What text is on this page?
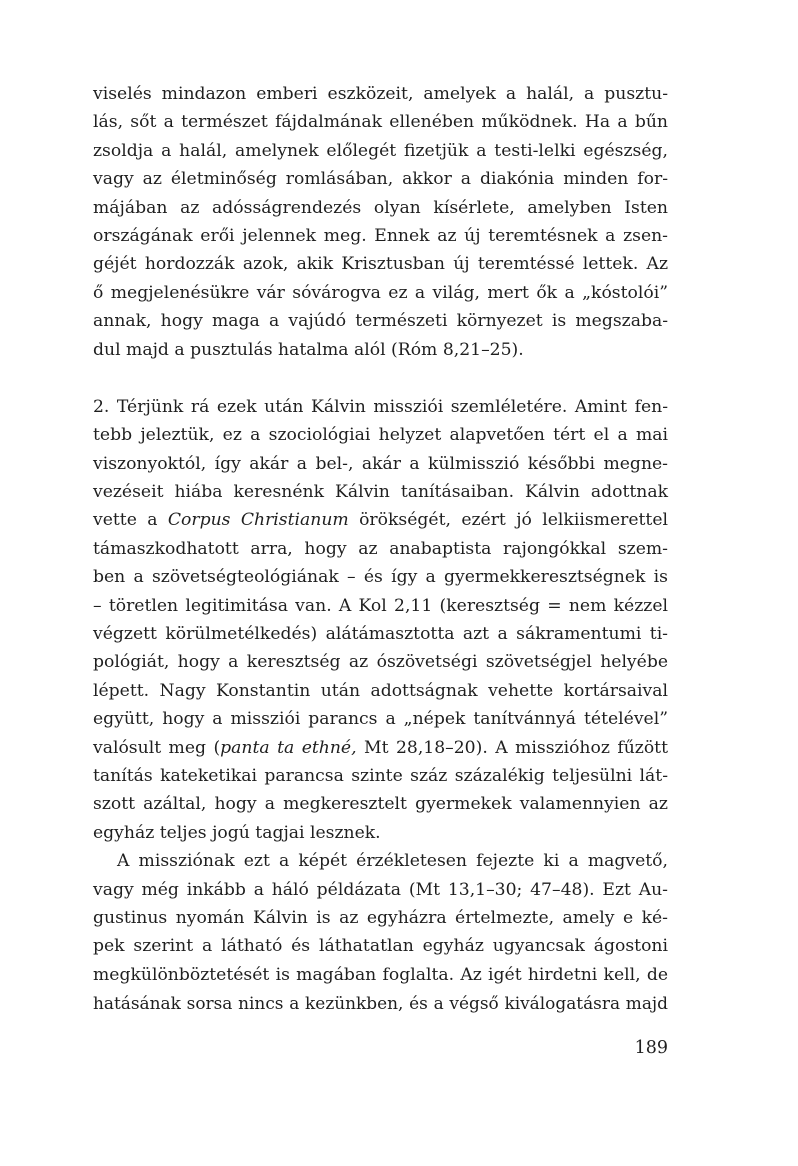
viselés mindazon emberi eszközeit, amelyek a halál, a pusztu-
lás, sőt a természet fájdalmának ellenében működnek. Ha a bűn
zsoldja a halál, amelynek előlegét fizetjük a testi-lelki egészség,
vagy az életminőség romlásában, akkor a diakónia minden for-
májában az adósságrendezés olyan kísérlete, amelyben Isten
országának erői jelennek meg. Ennek az új teremtésnek a zsen-
géjét hordozzák azok, akik Krisztusban új teremtéssé lettek. Az
ő megjelenésükre vár sóvárogva ez a világ, mert ők a „kóstolói”
annak, hogy maga a vajúdó természeti környezet is megszaba-
dul majd a pusztulás hatalma alól (Róm 8,21–25).
2. Térjünk rá ezek után Kálvin missziói szemléletére. Amint fen-
tebb jeleztük, ez a szociológiai helyzet alapvetően tért el a mai
viszonyoktól, így akár a bel-, akár a külmisszió későbbi megne-
vezéseit hiába keresnénk Kálvin tanításaiban. Kálvin adottnak
vette a Corpus Christianum örökségét, ezért jó lelkiismerettel
támaszkodhatott arra, hogy az anabaptista rajongókkal szem-
ben a szövetségteológiának – és így a gyermekkeresztségnek is
– töretlen legitimitása van. A Kol 2,11 (keresztség = nem kézzel
végzett körülmetélkedés) alátámasztotta azt a sákramentumi ti-
pológiát, hogy a keresztség az ószövetségi szövetségjel helyébe
lépett. Nagy Konstantin után adottságnak vehette kortársaival
együtt, hogy a missziói parancs a „népek tanítvánnyá tételével”
valósult meg (panta ta ethné, Mt 28,18–20). A misszióhoz fűzött
tanítás kateketikai parancsa szinte száz százalékig teljesülni lát-
szott azáltal, hogy a megkeresztelt gyermekek valamennyien az
egyház teljes jogú tagjai lesznek.
A missziónak ezt a képét érzékletesen fejezte ki a magvető,
vagy még inkább a háló példázata (Mt 13,1–30; 47–48). Ezt Au-
gustinus nyomán Kálvin is az egyházra értelmezte, amely e ké-
pek szerint a látható és láthatatlan egyház ugyancsak ágostoni
megkülönböztetését is magában foglalta. Az igét hirdetni kell, de
hatásának sorsa nincs a kezünkben, és a végső kiválogatásra majd
189
